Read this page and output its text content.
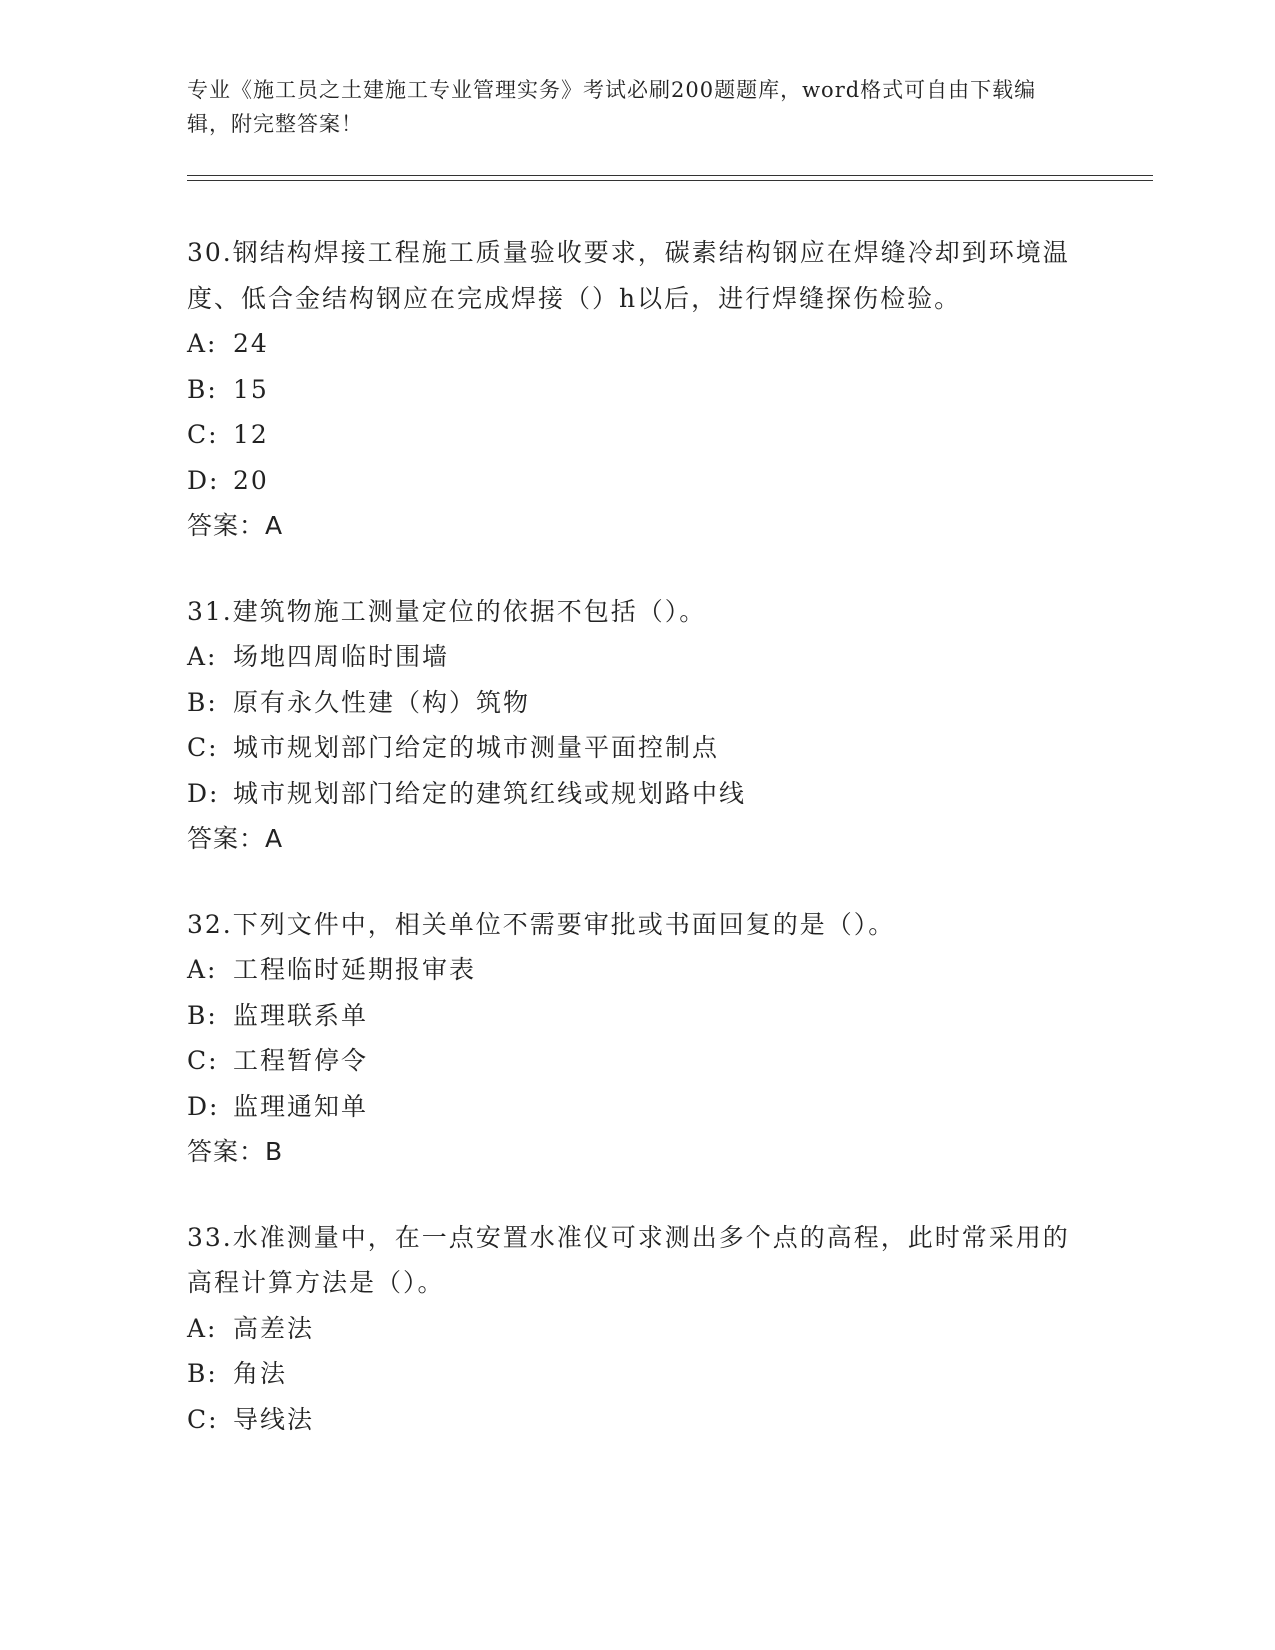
专业《施工员之土建施工专业管理实务》考试必刷200题题库，word格式可自由下载编辑，附完整答案！
30.钢结构焊接工程施工质量验收要求，碳素结构钢应在焊缝冷却到环境温度、低合金结构钢应在完成焊接（）h以后，进行焊缝探伤检验。
A: 24
B: 15
C: 12
D: 20
答案：A
31.建筑物施工测量定位的依据不包括（）。
A: 场地四周临时围墙
B: 原有永久性建（构）筑物
C: 城市规划部门给定的城市测量平面控制点
D: 城市规划部门给定的建筑红线或规划路中线
答案：A
32.下列文件中，相关单位不需要审批或书面回复的是（）。
A: 工程临时延期报审表
B: 监理联系单
C: 工程暂停令
D: 监理通知单
答案：B
33.水准测量中，在一点安置水准仪可求测出多个点的高程，此时常采用的高程计算方法是（）。
A: 高差法
B: 角法
C: 导线法
